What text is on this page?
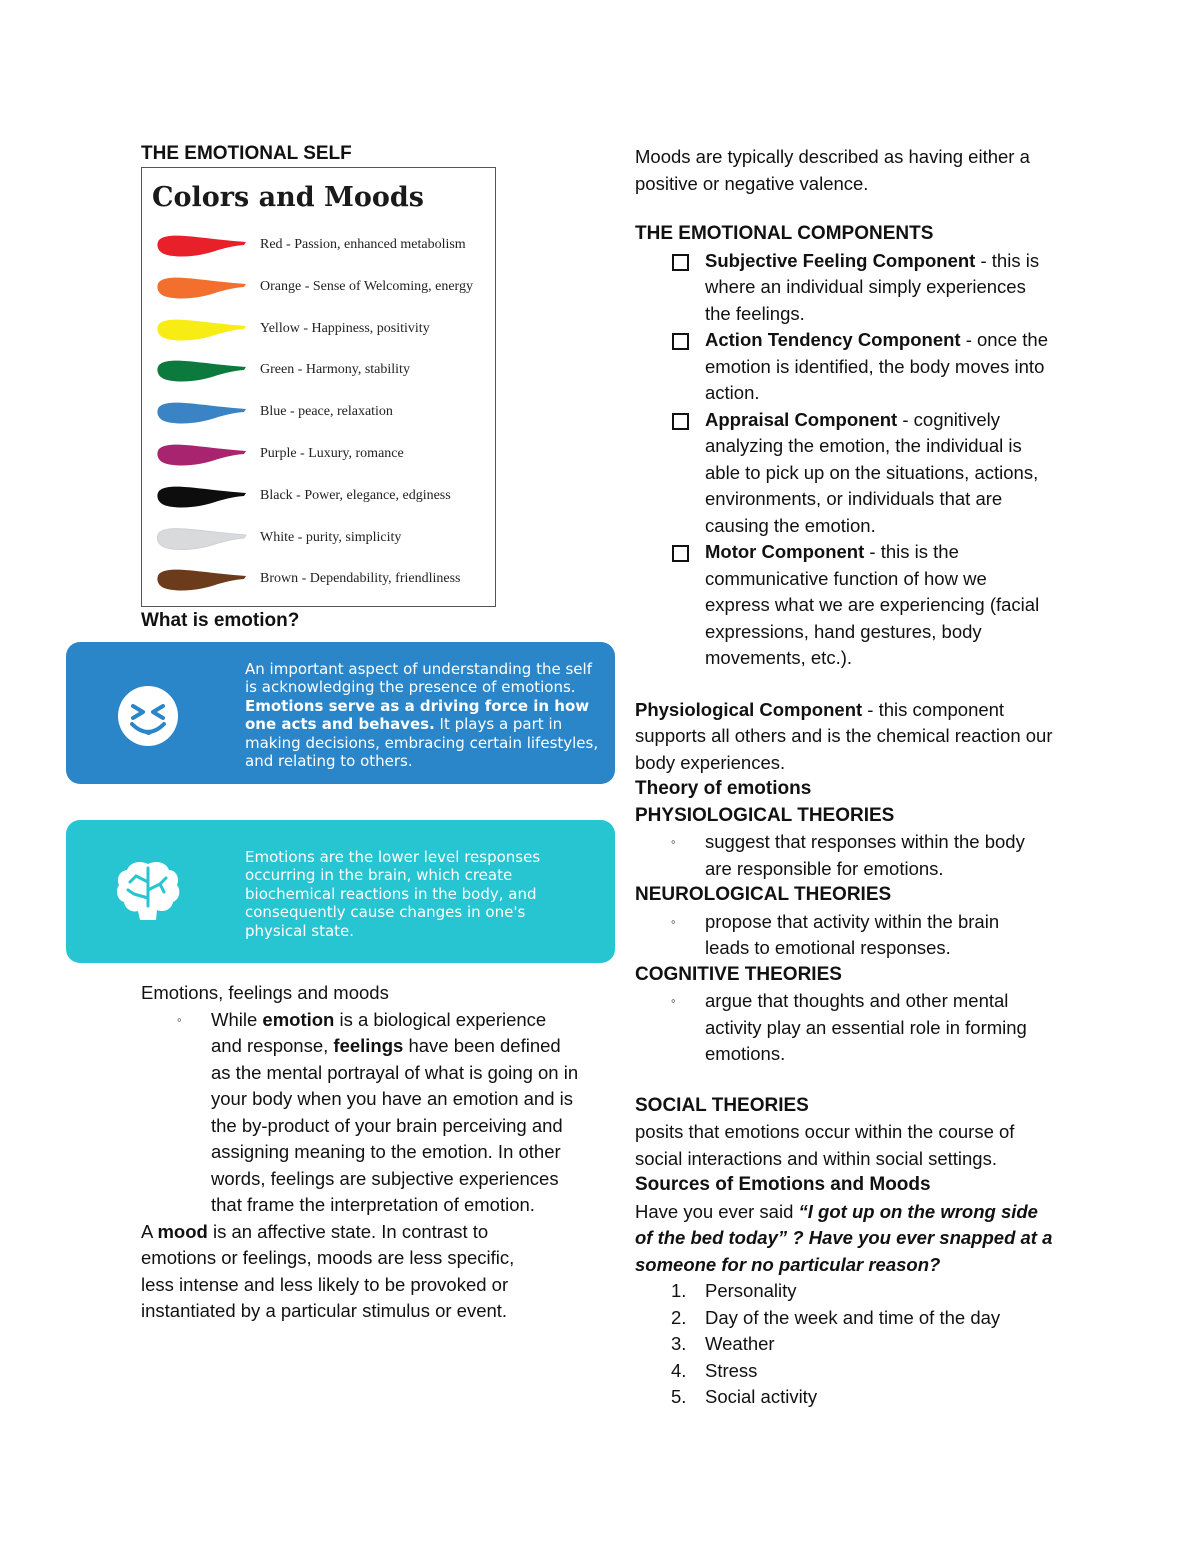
THE EMOTIONAL SELF
Colors and Moods
Red - Passion, enhanced metabolism
Orange - Sense of Welcoming, energy
Yellow - Happiness, positivity
Green - Harmony, stability
Blue - peace, relaxation
Purple - Luxury, romance
Black - Power, elegance, edginess
White - purity, simplicity
Brown - Dependability, friendliness
What is emotion?
An important aspect of understanding the self is acknowledging the presence of emotions. Emotions serve as a driving force in how one acts and behaves. It plays a part in making decisions, embracing certain lifestyles, and relating to others.
Emotions are the lower level responses occurring in the brain, which create biochemical reactions in the body, and consequently cause changes in one's physical state.
Emotions, feelings and moods
◦ While emotion is a biological experience and response, feelings have been defined as the mental portrayal of what is going on in your body when you have an emotion and is the by-product of your brain perceiving and assigning meaning to the emotion. In other words, feelings are subjective experiences that frame the interpretation of emotion.
A mood is an affective state. In contrast to emotions or feelings, moods are less specific, less intense and less likely to be provoked or instantiated by a particular stimulus or event.
Moods are typically described as having either a positive or negative valence.
THE EMOTIONAL COMPONENTS
Subjective Feeling Component - this is where an individual simply experiences the feelings.
Action Tendency Component - once the emotion is identified, the body moves into action.
Appraisal Component - cognitively analyzing the emotion, the individual is able to pick up on the situations, actions, environments, or individuals that are causing the emotion.
Motor Component - this is the communicative function of how we express what we are experiencing (facial expressions, hand gestures, body movements, etc.).
Physiological Component - this component supports all others and is the chemical reaction our body experiences.
Theory of emotions
PHYSIOLOGICAL THEORIES
◦ suggest that responses within the body are responsible for emotions.
NEUROLOGICAL THEORIES
◦ propose that activity within the brain leads to emotional responses.
COGNITIVE THEORIES
◦ argue that thoughts and other mental activity play an essential role in forming emotions.
SOCIAL THEORIES
posits that emotions occur within the course of social interactions and within social settings.
Sources of Emotions and Moods
Have you ever said “I got up on the wrong side of the bed today” ? Have you ever snapped at a someone for no particular reason?
1. Personality
2. Day of the week and time of the day
3. Weather
4. Stress
5. Social activity
